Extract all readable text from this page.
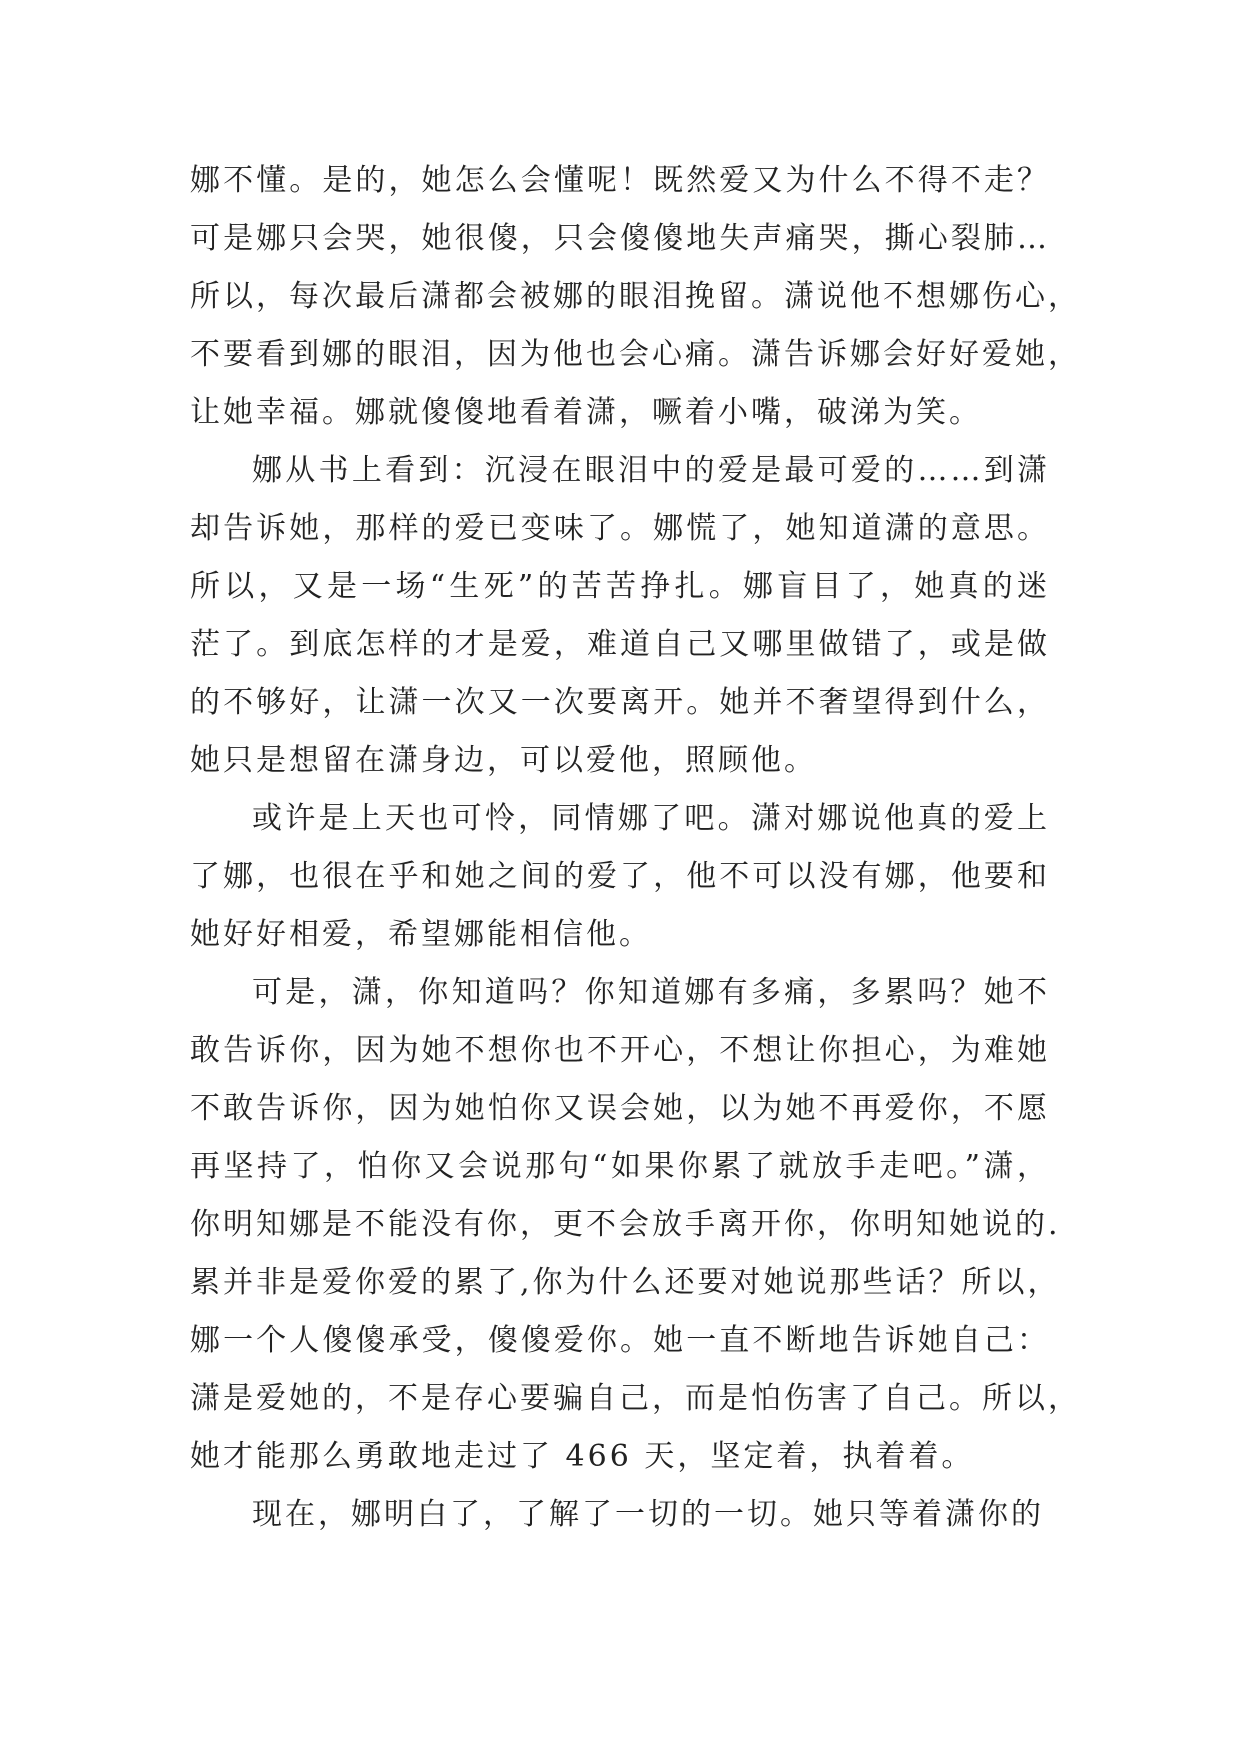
娜不懂。是的，她怎么会懂呢！既然爱又为什么不得不走？
可是娜只会哭，她很傻，只会傻傻地失声痛哭，撕心裂肺…
所以，每次最后潇都会被娜的眼泪挽留。潇说他不想娜伤心，
不要看到娜的眼泪，因为他也会心痛。潇告诉娜会好好爱她，
让她幸福。娜就傻傻地看着潇，噘着小嘴，破涕为笑。
娜从书上看到：沉浸在眼泪中的爱是最可爱的……到潇
却告诉她，那样的爱已变味了。娜慌了，她知道潇的意思。
所以，又是一场“生死”的苦苦挣扎。娜盲目了，她真的迷
茫了。到底怎样的才是爱，难道自己又哪里做错了，或是做
的不够好，让潇一次又一次要离开。她并不奢望得到什么，
她只是想留在潇身边，可以爱他，照顾他。
或许是上天也可怜，同情娜了吧。潇对娜说他真的爱上
了娜，也很在乎和她之间的爱了，他不可以没有娜，他要和
她好好相爱，希望娜能相信他。
可是，潇，你知道吗？你知道娜有多痛，多累吗？她不
敢告诉你，因为她不想你也不开心，不想让你担心，为难她
不敢告诉你，因为她怕你又误会她，以为她不再爱你，不愿
再坚持了，怕你又会说那句“如果你累了就放手走吧。”潇，
你明知娜是不能没有你，更不会放手离开你，你明知她说的.
累并非是爱你爱的累了,你为什么还要对她说那些话？所以，
娜一个人傻傻承受，傻傻爱你。她一直不断地告诉她自己：
潇是爱她的，不是存心要骗自己，而是怕伤害了自己。所以，
她才能那么勇敢地走过了 466 天，坚定着，执着着。
现在，娜明白了，了解了一切的一切。她只等着潇你的
